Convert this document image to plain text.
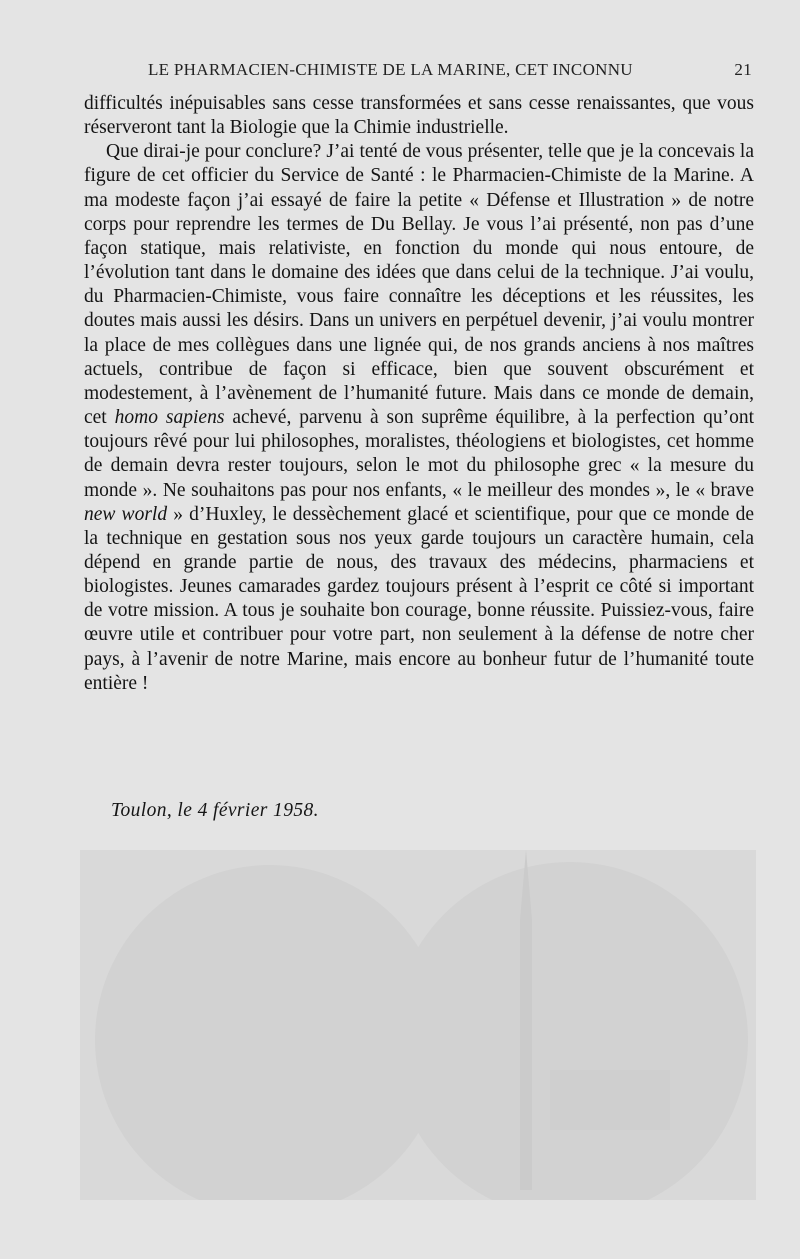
LE PHARMACIEN-CHIMISTE DE LA MARINE, CET INCONNU	21

difficultés inépuisables sans cesse transformées et sans cesse renaissantes, que vous réserveront tant la Biologie que la Chimie industrielle.

Que dirai-je pour conclure? J’ai tenté de vous présenter, telle que je la concevais la figure de cet officier du Service de Santé : le Pharmacien-Chimiste de la Marine. A ma modeste façon j’ai essayé de faire la petite « Défense et Illustration » de notre corps pour reprendre les termes de Du Bellay. Je vous l’ai présenté, non pas d’une façon statique, mais relativiste, en fonction du monde qui nous entoure, de l’évolution tant dans le domaine des idées que dans celui de la technique. J’ai voulu, du Pharmacien-Chimiste, vous faire connaître les déceptions et les réussites, les doutes mais aussi les désirs. Dans un univers en perpétuel devenir, j’ai voulu montrer la place de mes collègues dans une lignée qui, de nos grands anciens à nos maîtres actuels, contribue de façon si efficace, bien que souvent obscurément et modestement, à l’avènement de l’humanité future. Mais dans ce monde de demain, cet homo sapiens achevé, parvenu à son suprême équilibre, à la perfection qu’ont toujours rêvé pour lui philosophes, moralistes, théologiens et biologistes, cet homme de demain devra rester toujours, selon le mot du philosophe grec « la mesure du monde ». Ne souhaitons pas pour nos enfants, « le meilleur des mondes », le « brave new world » d’Huxley, le dessèchement glacé et scientifique, pour que ce monde de la technique en gestation sous nos yeux garde toujours un caractère humain, cela dépend en grande partie de nous, des travaux des médecins, pharmaciens et biologistes. Jeunes camarades gardez toujours présent à l’esprit ce côté si important de votre mission. A tous je souhaite bon courage, bonne réussite. Puissiez-vous, faire œuvre utile et contribuer pour votre part, non seulement à la défense de notre cher pays, à l’avenir de notre Marine, mais encore au bonheur futur de l’humanité toute entière !

Toulon, le 4 février 1958.
